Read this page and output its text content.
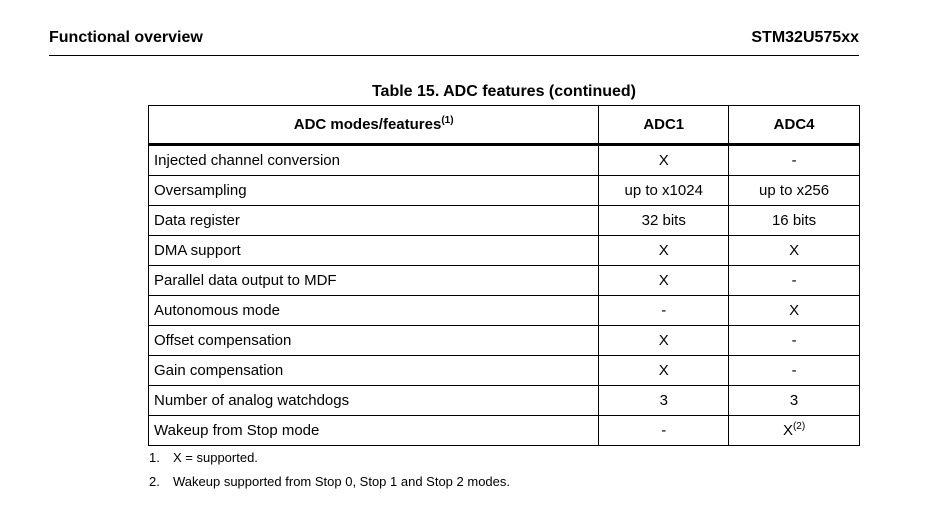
Functional overview	STM32U575xx
Table 15. ADC features (continued)
ADC modes/features$^{(1)}$	ADC1	ADC4
Injected channel conversion	X	-
Oversampling	up to x1024	up to x256
Data register	32 bits	16 bits
DMA support	X	X
Parallel data output to MDF	X	-
Autonomous mode	-	X
Offset compensation	X	-
Gain compensation	X	-
Number of analog watchdogs	3	3
Wakeup from Stop mode	-	$X^{(2)}$
1. X = supported.
2. Wakeup supported from Stop 0, Stop 1 and Stop 2 modes.
